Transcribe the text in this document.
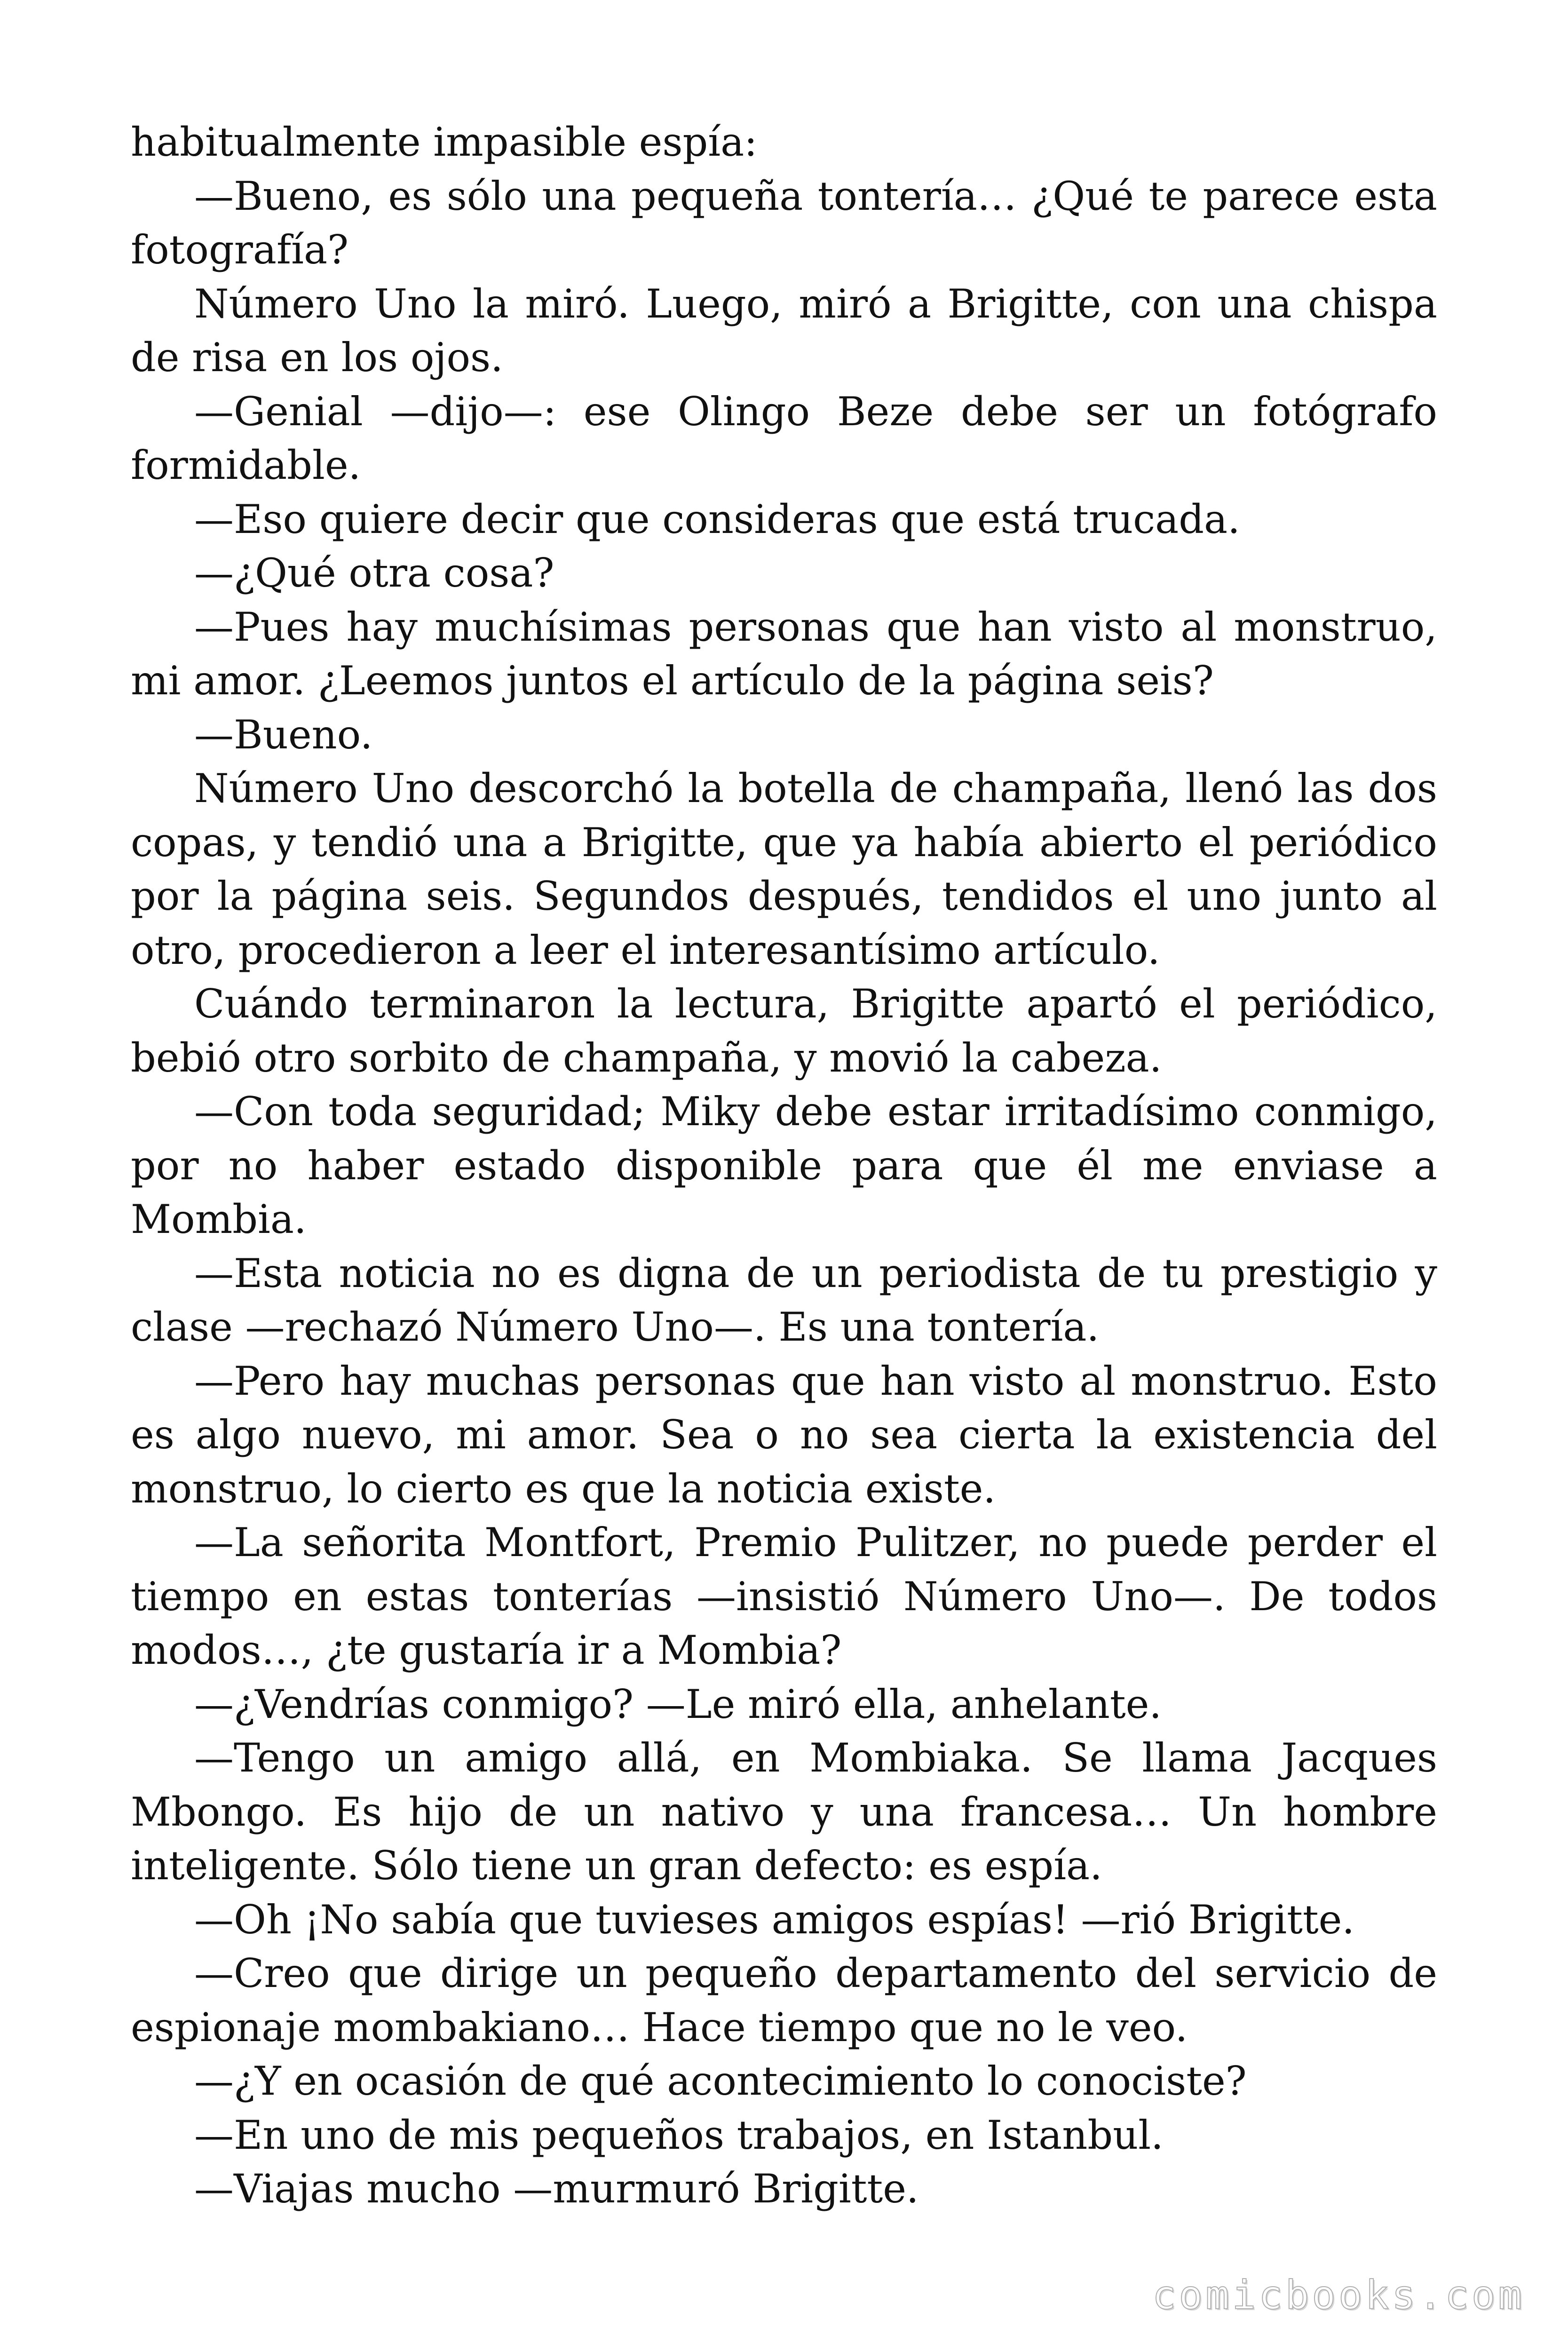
habitualmente impasible espía:

—Bueno, es sólo una pequeña tontería… ¿Qué te parece esta fotografía?

Número Uno la miró. Luego, miró a Brigitte, con una chispa de risa en los ojos.

—Genial —dijo—: ese Olingo Beze debe ser un fotógrafo formidable.

—Eso quiere decir que consideras que está trucada.

—¿Qué otra cosa?

—Pues hay muchísimas personas que han visto al monstruo, mi amor. ¿Leemos juntos el artículo de la página seis?

—Bueno.

Número Uno descorchó la botella de champaña, llenó las dos copas, y tendió una a Brigitte, que ya había abierto el periódico por la página seis. Segundos después, tendidos el uno junto al otro, procedieron a leer el interesantísimo artículo.

Cuándo terminaron la lectura, Brigitte apartó el periódico, bebió otro sorbito de champaña, y movió la cabeza.

—Con toda seguridad; Miky debe estar irritadísimo conmigo, por no haber estado disponible para que él me enviase a Mombia.

—Esta noticia no es digna de un periodista de tu prestigio y clase —rechazó Número Uno—. Es una tontería.

—Pero hay muchas personas que han visto al monstruo. Esto es algo nuevo, mi amor. Sea o no sea cierta la existencia del monstruo, lo cierto es que la noticia existe.

—La señorita Montfort, Premio Pulitzer, no puede perder el tiempo en estas tonterías —insistió Número Uno—. De todos modos…, ¿te gustaría ir a Mombia?

—¿Vendrías conmigo? —Le miró ella, anhelante.

—Tengo un amigo allá, en Mombiaka. Se llama Jacques Mbongo. Es hijo de un nativo y una francesa… Un hombre inteligente. Sólo tiene un gran defecto: es espía.

—Oh ¡No sabía que tuvieses amigos espías! —rió Brigitte.

—Creo que dirige un pequeño departamento del servicio de espionaje mombakiano… Hace tiempo que no le veo.

—¿Y en ocasión de qué acontecimiento lo conociste?

—En uno de mis pequeños trabajos, en Istanbul.

—Viajas mucho —murmuró Brigitte.

comicbooks.com
